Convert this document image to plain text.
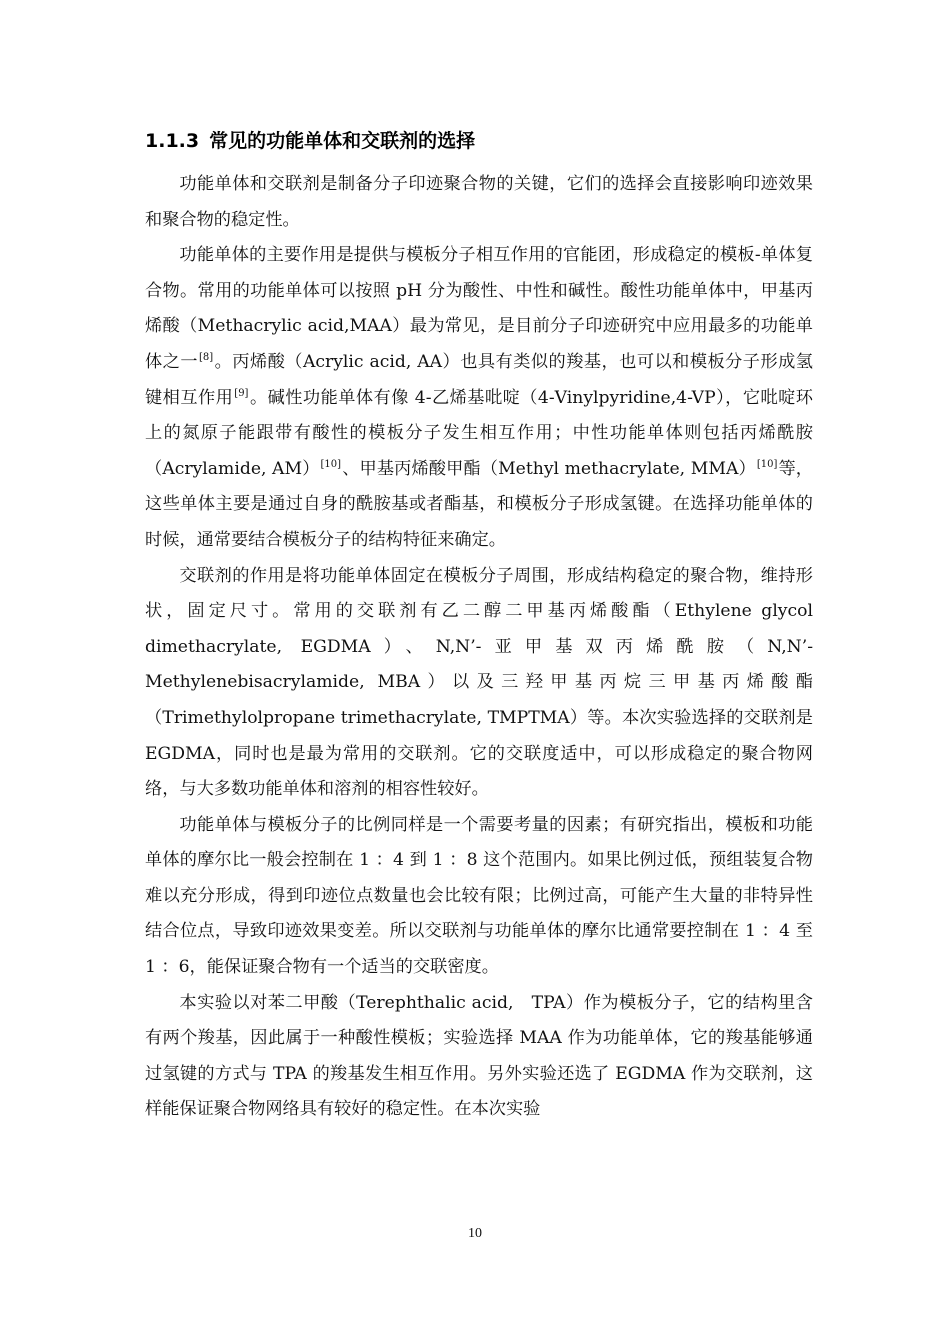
1.1.3 常见的功能单体和交联剂的选择

功能单体和交联剂是制备分子印迹聚合物的关键，它们的选择会直接影响印迹效果和聚合物的稳定性。

功能单体的主要作用是提供与模板分子相互作用的官能团，形成稳定的模板-单体复合物。常用的功能单体可以按照 pH 分为酸性、中性和碱性。酸性功能单体中，甲基丙烯酸（Methacrylic acid,MAA）最为常见，是目前分子印迹研究中应用最多的功能单体之一[8]。丙烯酸（Acrylic acid, AA）也具有类似的羧基，也可以和模板分子形成氢键相互作用[9]。碱性功能单体有像 4-乙烯基吡啶（4-Vinylpyridine,4-VP），它吡啶环上的氮原子能跟带有酸性的模板分子发生相互作用；中性功能单体则包括丙烯酰胺（Acrylamide, AM）[10]、甲基丙烯酸甲酯（Methyl methacrylate, MMA）[10]等，这些单体主要是通过自身的酰胺基或者酯基，和模板分子形成氢键。在选择功能单体的时候，通常要结合模板分子的结构特征来确定。

交联剂的作用是将功能单体固定在模板分子周围，形成结构稳定的聚合物，维持形状，固定尺寸。常用的交联剂有乙二醇二甲基丙烯酸酯（Ethylene glycol dimethacrylate, EGDMA）、N,N’-亚甲基双丙烯酰胺（N,N’-Methylenebisacrylamide, MBA）以及三羟甲基丙烷三甲基丙烯酸酯（Trimethylolpropane trimethacrylate, TMPTMA）等。本次实验选择的交联剂是 EGDMA，同时也是最为常用的交联剂。它的交联度适中，可以形成稳定的聚合物网络，与大多数功能单体和溶剂的相容性较好。

功能单体与模板分子的比例同样是一个需要考量的因素；有研究指出，模板和功能单体的摩尔比一般会控制在 1 ：4 到 1 ：8 这个范围内。如果比例过低，预组装复合物难以充分形成，得到印迹位点数量也会比较有限；比例过高，可能产生大量的非特异性结合位点，导致印迹效果变差。所以交联剂与功能单体的摩尔比通常要控制在 1 ：4 至 1 ：6，能保证聚合物有一个适当的交联密度。

本实验以对苯二甲酸（Terephthalic acid,　TPA）作为模板分子，它的结构里含有两个羧基，因此属于一种酸性模板；实验选择 MAA 作为功能单体，它的羧基能够通过氢键的方式与 TPA 的羧基发生相互作用。另外实验还选了 EGDMA 作为交联剂，这样能保证聚合物网络具有较好的稳定性。在本次实验

10
